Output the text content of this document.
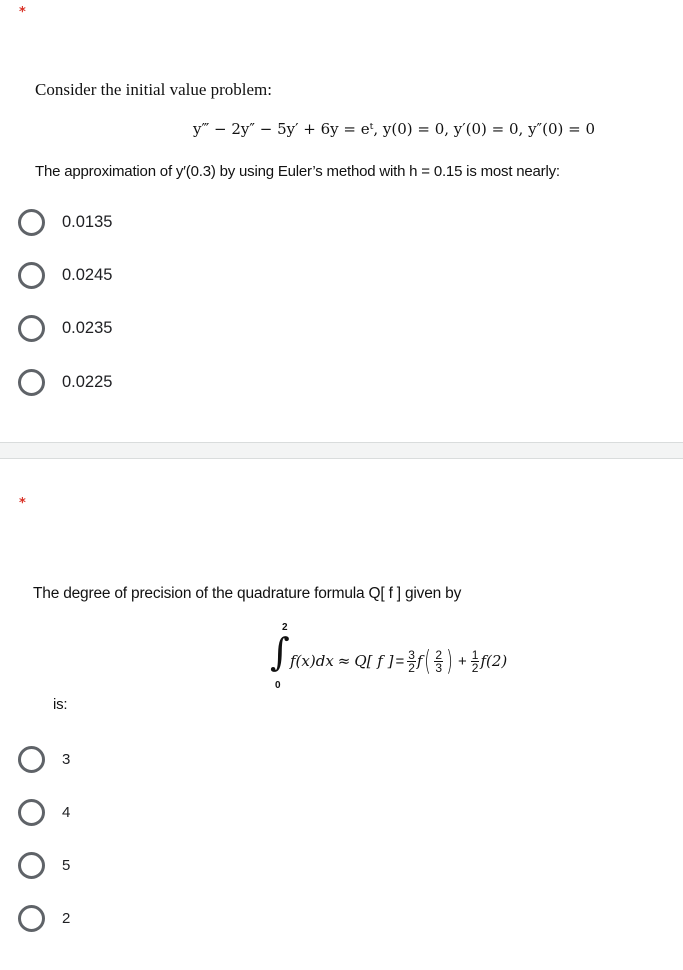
*
Consider the initial value problem:
y‴ − 2y″ − 5y′ + 6y = eᵗ, y(0) = 0, y′(0) = 0, y″(0) = 0
The approximation of y′(0.3) by using Euler’s method with h = 0.15 is most nearly:
0.0135
0.0245
0.0235
0.0225
*
The degree of precision of the quadrature formula Q[ f ] given by
2
∫
0
f(x)dx ≈ Q[ f ] = $\frac{3}{2}$ f ( $\frac{2}{3}$ ) + $\frac{1}{2} f(2)$
is:
3
4
5
2
